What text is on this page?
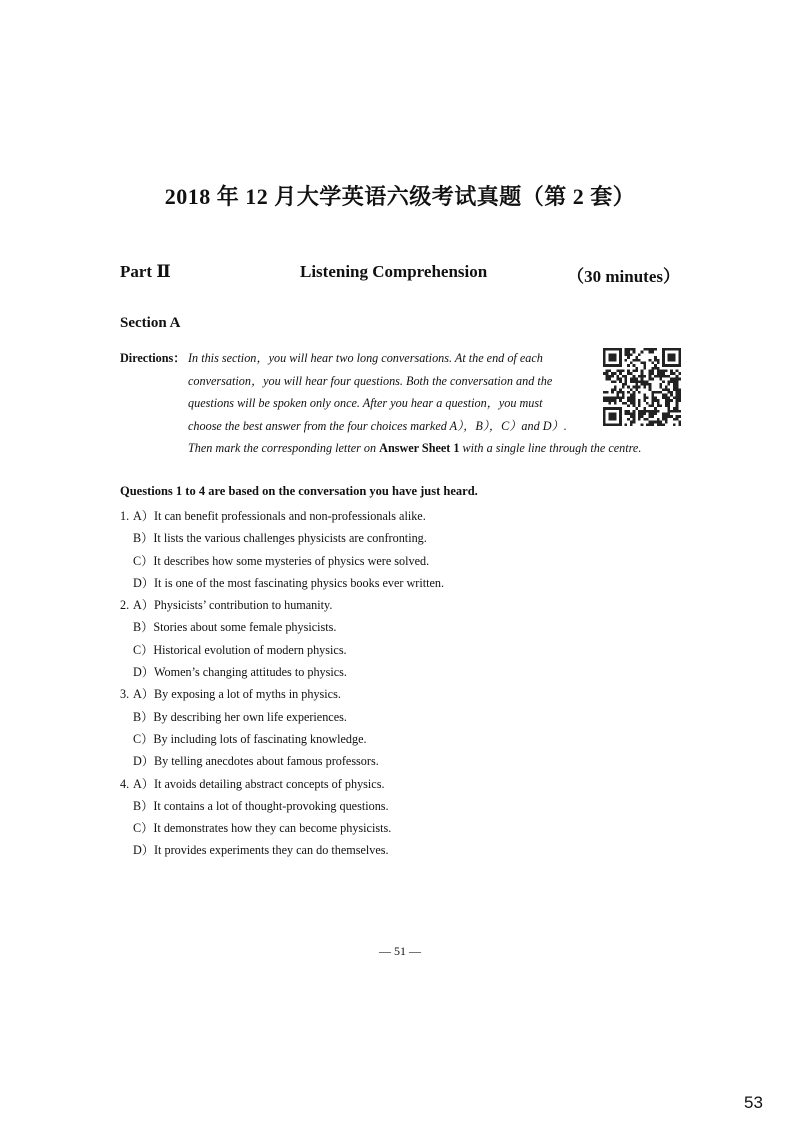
2018 年 12 月大学英语六级考试真题（第 2 套）
Part Ⅱ	Listening Comprehension	（30 minutes）
Section A
Directions： In this section，you will hear two long conversations. At the end of each
conversation，you will hear four questions. Both the conversation and the
questions will be spoken only once. After you hear a question，you must
choose the best answer from the four choices marked A），B），C）and D）.
Then mark the corresponding letter on Answer Sheet 1 with a single line through the centre.
Questions 1 to 4 are based on the conversation you have just heard.
1. A）It can benefit professionals and non-professionals alike.
B）It lists the various challenges physicists are confronting.
C）It describes how some mysteries of physics were solved.
D）It is one of the most fascinating physics books ever written.
2. A）Physicists’ contribution to humanity.
B）Stories about some female physicists.
C）Historical evolution of modern physics.
D）Women’s changing attitudes to physics.
3. A）By exposing a lot of myths in physics.
B）By describing her own life experiences.
C）By including lots of fascinating knowledge.
D）By telling anecdotes about famous professors.
4. A）It avoids detailing abstract concepts of physics.
B）It contains a lot of thought-provoking questions.
C）It demonstrates how they can become physicists.
D）It provides experiments they can do themselves.
— 51 —
53
